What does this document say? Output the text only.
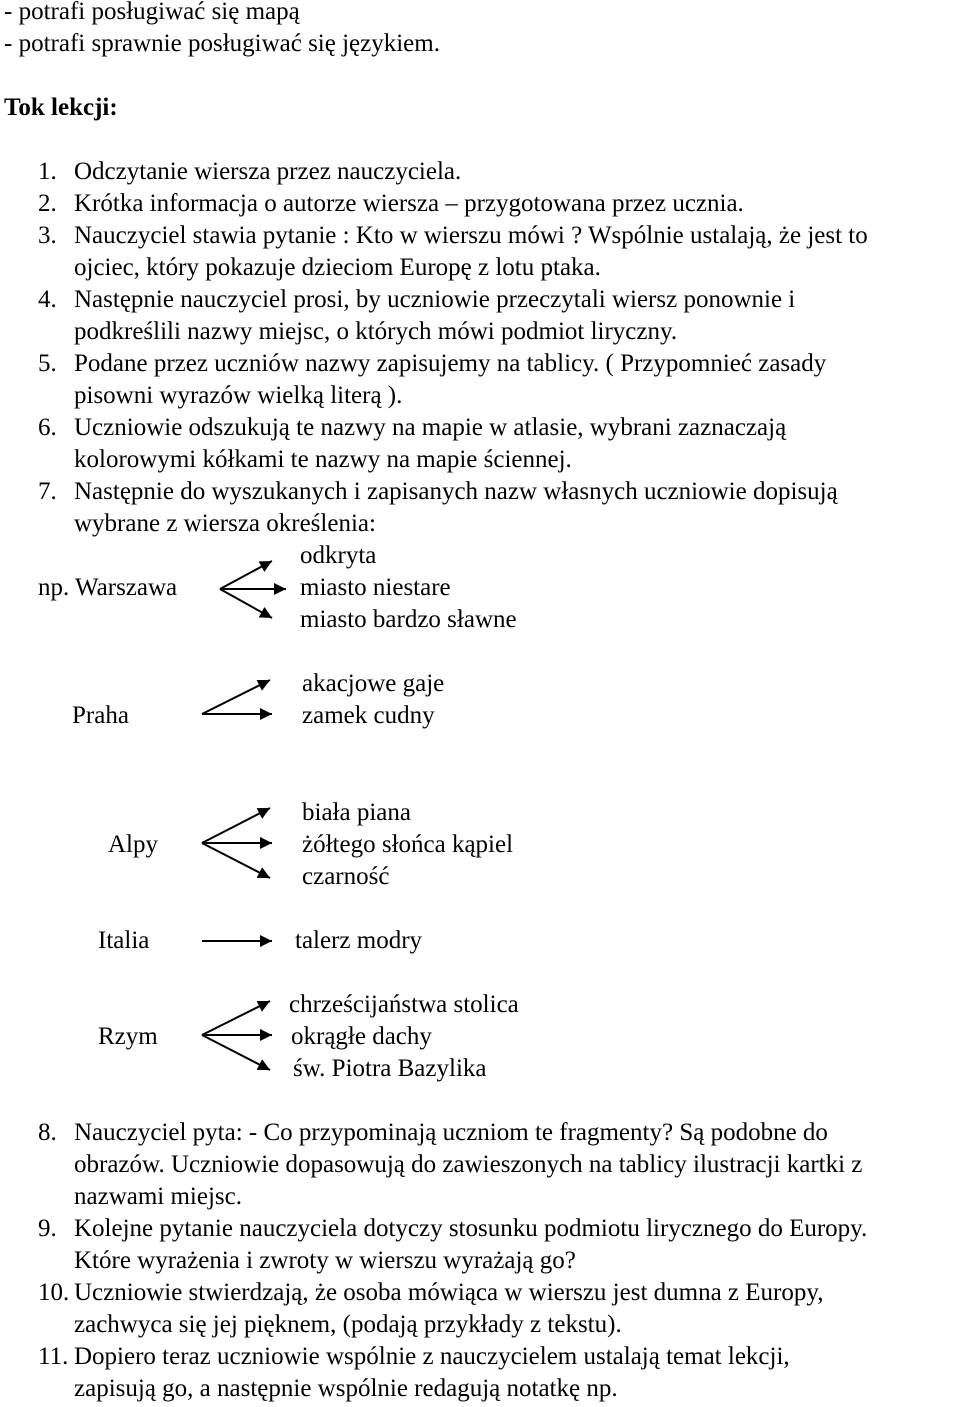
- potrafi posługiwać się mapą
- potrafi sprawnie posługiwać się językiem.
Tok lekcji:
1. Odczytanie wiersza przez nauczyciela.
2. Krótka informacja o autorze wiersza – przygotowana przez ucznia.
3. Nauczyciel stawia pytanie : Kto w wierszu mówi ? Wspólnie ustalają, że jest to
ojciec, który pokazuje dzieciom Europę z lotu ptaka.
4. Następnie nauczyciel prosi, by uczniowie przeczytali wiersz ponownie i
podkreślili nazwy miejsc, o których mówi podmiot liryczny.
5. Podane przez uczniów nazwy zapisujemy na tablicy. ( Przypomnieć zasady
pisowni wyrazów wielką literą ).
6. Uczniowie odszukują te nazwy na mapie w atlasie, wybrani zaznaczają
kolorowymi kółkami te nazwy na mapie ściennej.
7. Następnie do wyszukanych i zapisanych nazw własnych uczniowie dopisują
wybrane z wiersza określenia:
np. Warszawa
odkryta
miasto niestare
miasto bardzo sławne
Praha
akacjowe gaje
zamek cudny
Alpy
biała piana
żółtego słońca kąpiel
czarność
Italia	talerz modry
Rzym
chrześcijaństwa stolica
okrągłe dachy
św. Piotra Bazylika
8. Nauczyciel pyta: - Co przypominają uczniom te fragmenty? Są podobne do
obrazów. Uczniowie dopasowują do zawieszonych na tablicy ilustracji kartki z
nazwami miejsc.
9. Kolejne pytanie nauczyciela dotyczy stosunku podmiotu lirycznego do Europy.
Które wyrażenia i zwroty w wierszu wyrażają go?
10. Uczniowie stwierdzają, że osoba mówiąca w wierszu jest dumna z Europy,
zachwyca się jej pięknem, (podają przykłady z tekstu).
11. Dopiero teraz uczniowie wspólnie z nauczycielem ustalają temat lekcji,
zapisują go, a następnie wspólnie redagują notatkę np.
